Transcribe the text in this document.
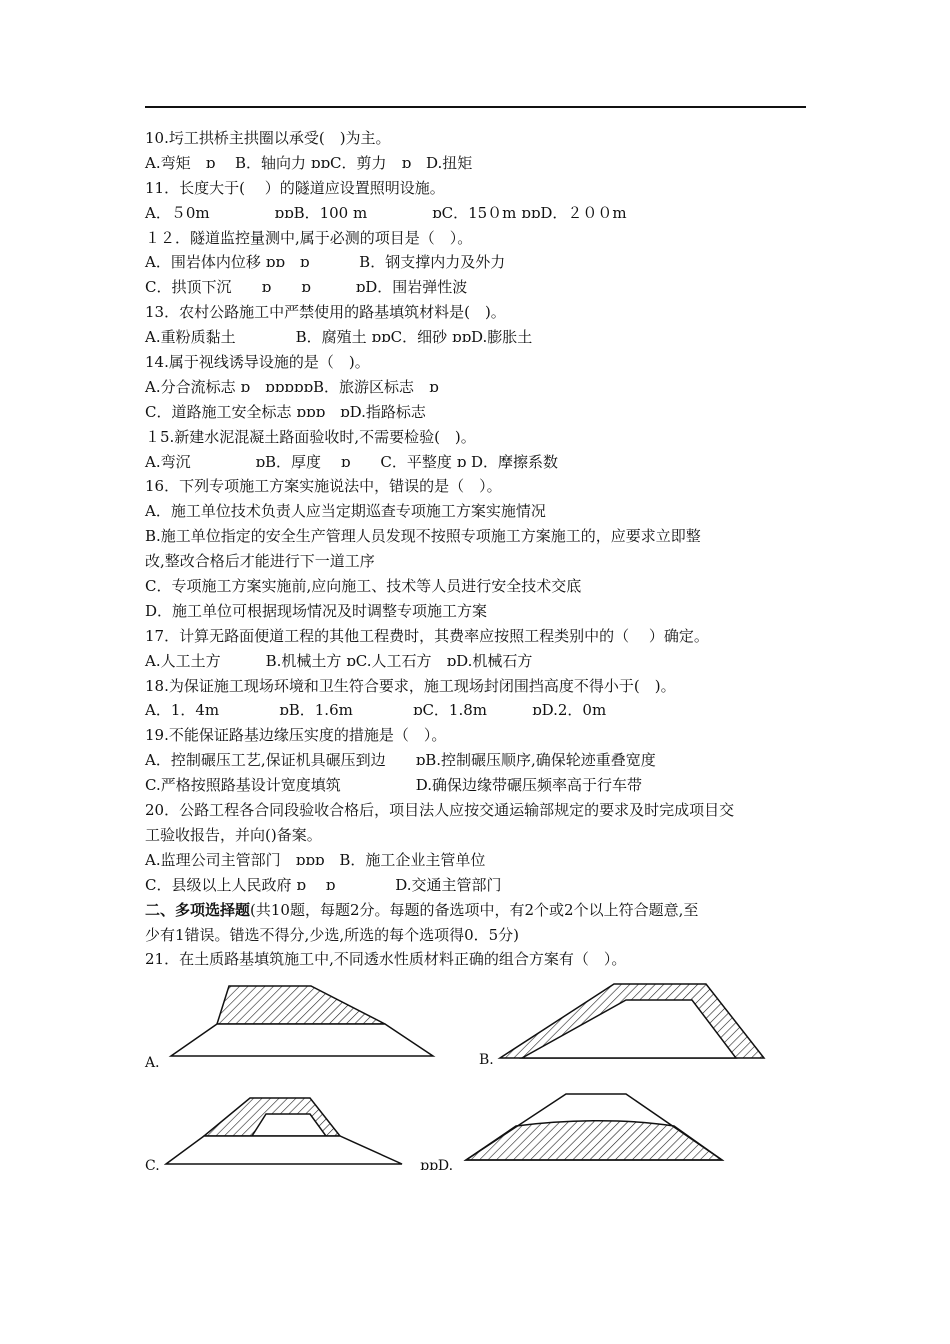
10.圬工拱桥主拱圈以承受(　)为主。
A.弯矩　ɒ　 B．轴向力 ɒɒC．剪力　ɒ　D.扭矩
11．长度大于(　 ）的隧道应设置照明设施。
A．５0m　　　　 ɒɒB．100 m　　　　 ɒC．15０m ɒɒD．２００m
１２．隧道监控量测中,属于必测的项目是（　）。
A．围岩体内位移 ɒɒ　ɒ　　　 B．钢支撑内力及外力
C．拱顶下沉　　ɒ　　ɒ　　　ɒD．围岩弹性波
13．农村公路施工中严禁使用的路基填筑材料是(　)。
A.重粉质黏土　　　　B．腐殖土 ɒɒC．细砂 ɒɒD.膨胀土
14.属于视线诱导设施的是（　)。
A.分合流标志 ɒ　ɒɒɒɒɒB．旅游区标志　ɒ
C．道路施工安全标志 ɒɒɒ　ɒD.指路标志
１5.新建水泥混凝土路面验收时,不需要检验(　)。
A.弯沉　　　　 ɒB．厚度　 ɒ　　C．平整度 ɒ D．摩擦系数
16．下列专项施工方案实施说法中，错误的是（　）。
A．施工单位技术负责人应当定期巡查专项施工方案实施情况
B.施工单位指定的安全生产管理人员发现不按照专项施工方案施工的，应要求立即整
改,整改合格后才能进行下一道工序
C．专项施工方案实施前,应向施工、技术等人员进行安全技术交底
D．施工单位可根据现场情况及时调整专项施工方案
17．计算无路面便道工程的其他工程费时，其费率应按照工程类别中的（　 ）确定。
A.人工土方　　　B.机械土方 ɒC.人工石方　ɒD.机械石方
18.为保证施工现场环境和卫生符合要求，施工现场封闭围挡高度不得小于(　)。
A．1．4m　　　　ɒB．1.6m　　　　ɒC．1.8m　　　ɒD.2．0m
19.不能保证路基边缘压实度的措施是（　）。
A．控制碾压工艺,保证机具碾压到边　　ɒB.控制碾压顺序,确保轮迹重叠宽度
C.严格按照路基设计宽度填筑　　　　　D.确保边缘带碾压频率高于行车带
20．公路工程各合同段验收合格后，项目法人应按交通运输部规定的要求及时完成项目交
工验收报告，并向()备案。
A.监理公司主管部门　ɒɒɒ　B．施工企业主管单位
C．县级以上人民政府 ɒ　 ɒ　　　　D.交通主管部门
二、多项选择题(共10题，每题2分。每题的备选项中，有2个或2个以上符合题意,至
少有1错误。错选不得分,少选,所选的每个选项得0．5分)
21．在土质路基填筑施工中,不同透水性质材料正确的组合方案有（　）。
A．	B.
C.	ɒɒD.
